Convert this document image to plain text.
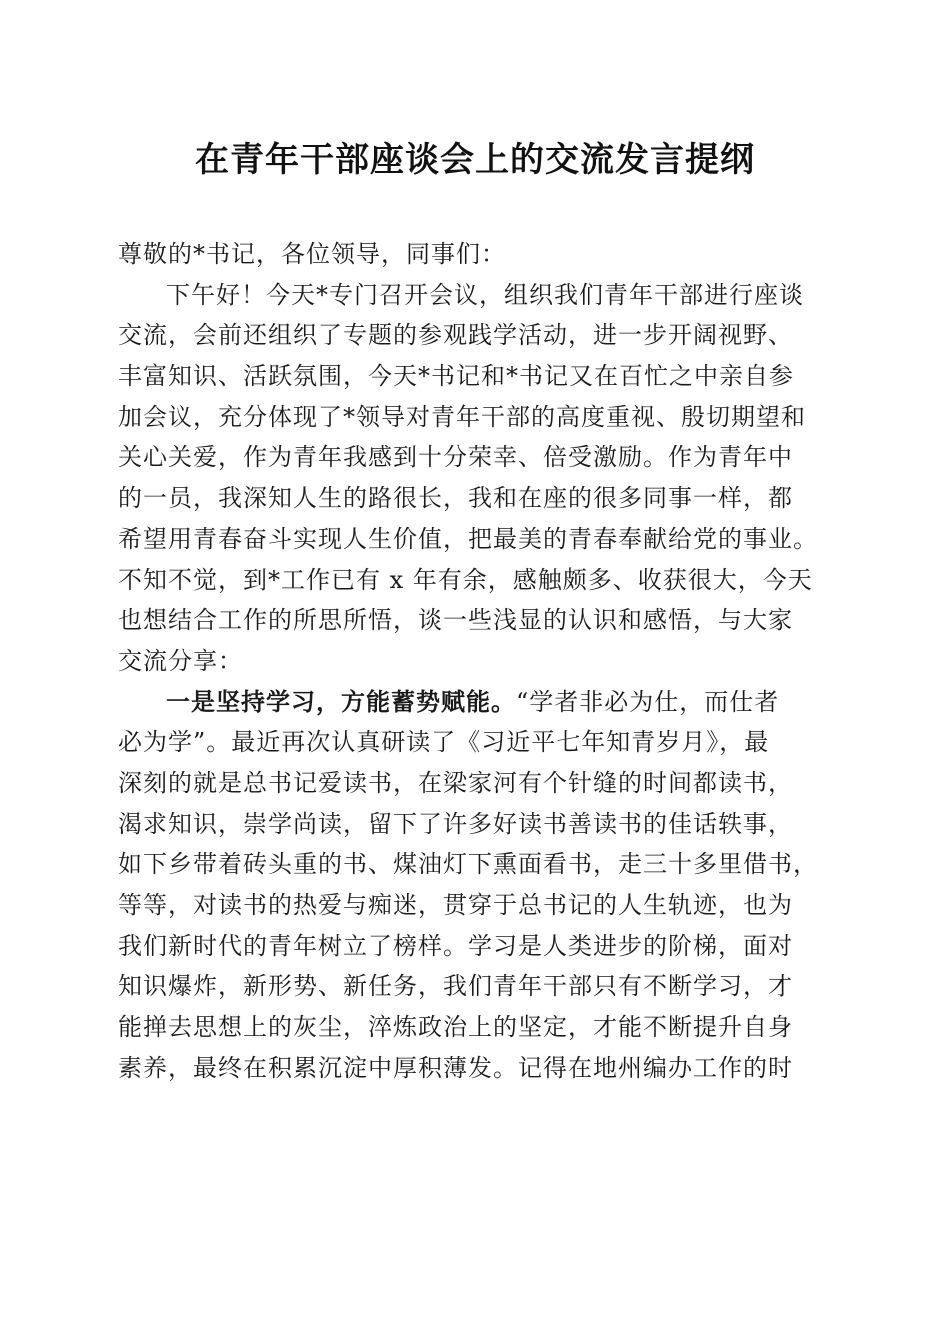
在青年干部座谈会上的交流发言提纲
尊敬的*书记，各位领导，同事们：
下午好！今天*专门召开会议，组织我们青年干部进行座谈
交流，会前还组织了专题的参观践学活动，进一步开阔视野、
丰富知识、活跃氛围，今天*书记和*书记又在百忙之中亲自参
加会议，充分体现了*领导对青年干部的高度重视、殷切期望和
关心关爱，作为青年我感到十分荣幸、倍受激励。作为青年中
的一员，我深知人生的路很长，我和在座的很多同事一样，都
希望用青春奋斗实现人生价值，把最美的青春奉献给党的事业。
不知不觉，到*工作已有 x 年有余，感触颇多、收获很大，今天
也想结合工作的所思所悟，谈一些浅显的认识和感悟，与大家
交流分享：
一是坚持学习，方能蓄势赋能。“学者非必为仕，而仕者
必为学”。最近再次认真研读了《习近平七年知青岁月》，最
深刻的就是总书记爱读书，在梁家河有个针缝的时间都读书，
渴求知识，崇学尚读，留下了许多好读书善读书的佳话轶事，
如下乡带着砖头重的书、煤油灯下熏面看书，走三十多里借书，
等等，对读书的热爱与痴迷，贯穿于总书记的人生轨迹，也为
我们新时代的青年树立了榜样。学习是人类进步的阶梯，面对
知识爆炸，新形势、新任务，我们青年干部只有不断学习，才
能掸去思想上的灰尘，淬炼政治上的坚定，才能不断提升自身
素养，最终在积累沉淀中厚积薄发。记得在地州编办工作的时
